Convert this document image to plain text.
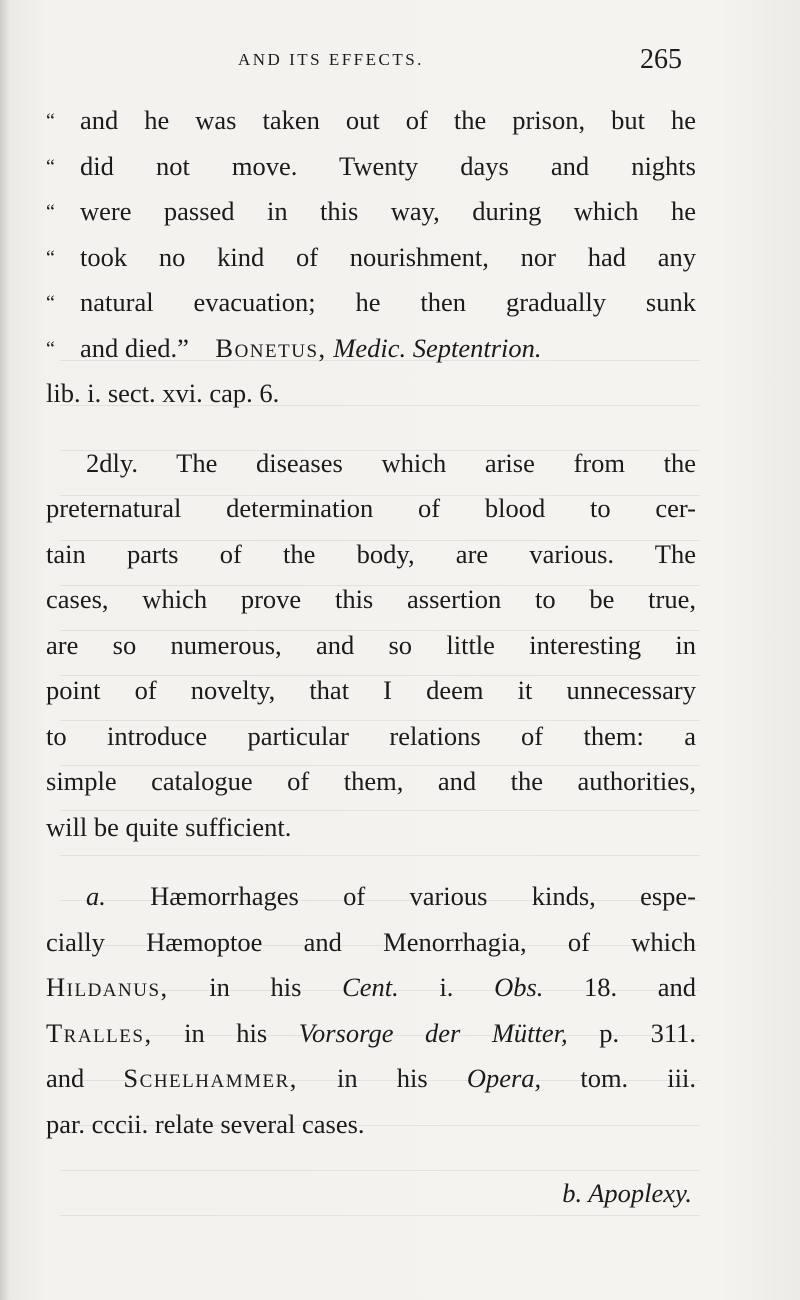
AND ITS EFFECTS.	265
“ and he was taken out of the prison, but he
“ did not move. Twenty days and nights
“ were passed in this way, during which he
“ took no kind of nourishment, nor had any
“ natural evacuation; he then gradually sunk
“ and died.” Bonetus, Medic. Septentrion.
lib. i. sect. xvi. cap. 6.
2dly. The diseases which arise from the
preternatural determination of blood to cer-
tain parts of the body, are various. The
cases, which prove this assertion to be true,
are so numerous, and so little interesting in
point of novelty, that I deem it unnecessary
to introduce particular relations of them: a
simple catalogue of them, and the authorities,
will be quite sufficient.
a. Hæmorrhages of various kinds, espe-
cially Hæmoptoe and Menorrhagia, of which
Hildanus, in his Cent. i. Obs. 18. and
Tralles, in his Vorsorge der Mütter, p. 311.
and Schelhammer, in his Opera, tom. iii.
par. cccii. relate several cases.
b. Apoplexy.
